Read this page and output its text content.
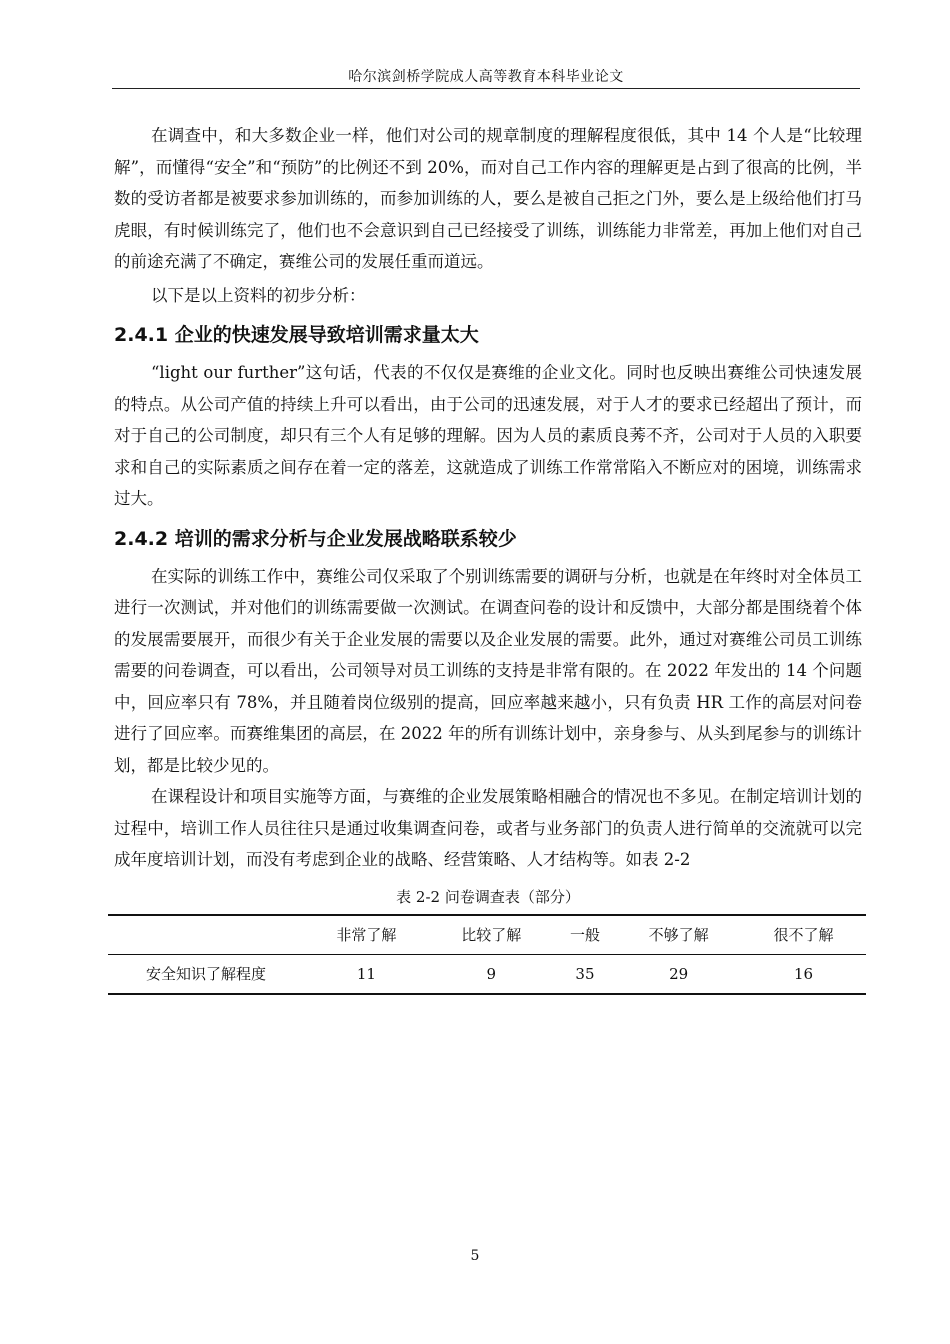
哈尔滨剑桥学院成人高等教育本科毕业论文

在调查中，和大多数企业一样，他们对公司的规章制度的理解程度很低，其中 14 个人是“比较理解”，而懂得“安全”和“预防”的比例还不到 20%，而对自己工作内容的理解更是占到了很高的比例，半数的受访者都是被要求参加训练的，而参加训练的人，要么是被自己拒之门外，要么是上级给他们打马虎眼，有时候训练完了，他们也不会意识到自己已经接受了训练，训练能力非常差，再加上他们对自己的前途充满了不确定，赛维公司的发展任重而道远。

以下是以上资料的初步分析：

2.4.1 企业的快速发展导致培训需求量太大

“light our further”这句话，代表的不仅仅是赛维的企业文化。同时也反映出赛维公司快速发展的特点。从公司产值的持续上升可以看出，由于公司的迅速发展，对于人才的要求已经超出了预计，而对于自己的公司制度，却只有三个人有足够的理解。因为人员的素质良莠不齐，公司对于人员的入职要求和自己的实际素质之间存在着一定的落差，这就造成了训练工作常常陷入不断应对的困境，训练需求过大。

2.4.2 培训的需求分析与企业发展战略联系较少

在实际的训练工作中，赛维公司仅采取了个别训练需要的调研与分析，也就是在年终时对全体员工进行一次测试，并对他们的训练需要做一次测试。在调查问卷的设计和反馈中，大部分都是围绕着个体的发展需要展开，而很少有关于企业发展的需要以及企业发展的需要。此外，通过对赛维公司员工训练需要的问卷调查，可以看出，公司领导对员工训练的支持是非常有限的。在 2022 年发出的 14 个问题中，回应率只有 78%，并且随着岗位级别的提高，回应率越来越小，只有负责 HR 工作的高层对问卷进行了回应率。而赛维集团的高层，在 2022 年的所有训练计划中，亲身参与、从头到尾参与的训练计划，都是比较少见的。

在课程设计和项目实施等方面，与赛维的企业发展策略相融合的情况也不多见。在制定培训计划的过程中，培训工作人员往往只是通过收集调查问卷，或者与业务部门的负责人进行简单的交流就可以完成年度培训计划，而没有考虑到企业的战略、经营策略、人才结构等。如表 2-2

表 2-2 问卷调查表（部分）
	非常了解	比较了解	一般	不够了解	很不了解
安全知识了解程度	11	9	35	29	16
5
